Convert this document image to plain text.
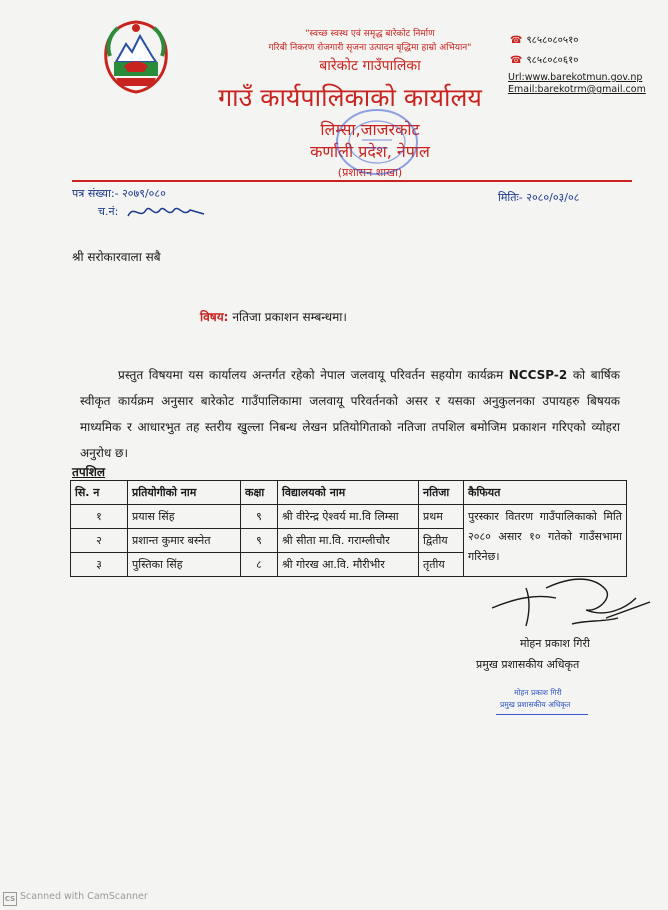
"स्वच्छ स्वस्थ एवं समृद्ध बारेकोट निर्माण
गरिबी निकरण रोजगारी सृजना उत्पादन बृद्धिमा हाम्रो अभियान"
बारेकोट गाउँपालिका
गाउँ कार्यपालिकाको कार्यालय
लिम्सा,जाजरकोट
कर्णाली प्रदेश, नेपाल
(प्रशासन शाखा)
☎ ९८५८०८०५१०
☎ ९८५८०८०६१०
Url:www.barekotmun.gov.np
Email:barekotrm@gmail.com
पत्र संख्या:- २०७९/०८०
च.नं:
मितिः- २०८०/०३/०८
श्री सरोकारवाला सबै
विषय: नतिजा प्रकाशन सम्बन्धमा।
प्रस्तुत विषयमा यस कार्यालय अन्तर्गत रहेको नेपाल जलवायू परिवर्तन सहयोग कार्यक्रम NCCSP-2 को बार्षिक स्वीकृत कार्यक्रम अनुसार बारेकोट गाउँपालिकामा जलवायू परिवर्तनको असर र यसका अनुकुलनका उपायहरु बिषयक माध्यमिक र आधारभुत तह स्तरीय खुल्ला निबन्ध लेखन प्रतियोगिताको नतिजा तपशिल बमोजिम प्रकाशन गरिएको व्योहरा अनुरोध छ।
तपशिल
सि. न	प्रतियोगीको नाम	कक्षा	विद्यालयको नाम	नतिजा	कैफियत
१	प्रयास सिंह	९	श्री वीरेन्द्र ऐश्वर्य मा.वि लिम्सा	प्रथम	पुरस्कार वितरण गाउँपालिकाको मिति २०८० असार १० गतेको गाउँसभामा गरिनेछ।
२	प्रशान्त कुमार बस्नेत	९	श्री सीता मा.वि. गराम्लीचौर	द्वितीय	
३	पुस्तिका सिंह	८	श्री गोरख आ.वि. मौरीभीर	तृतीय	
मोहन प्रकाश गिरी
प्रमुख प्रशासकीय अधिकृत
मोहन प्रकाश गिरी
प्रमुख प्रशासकीय अधिकृत
CS Scanned with CamScanner
